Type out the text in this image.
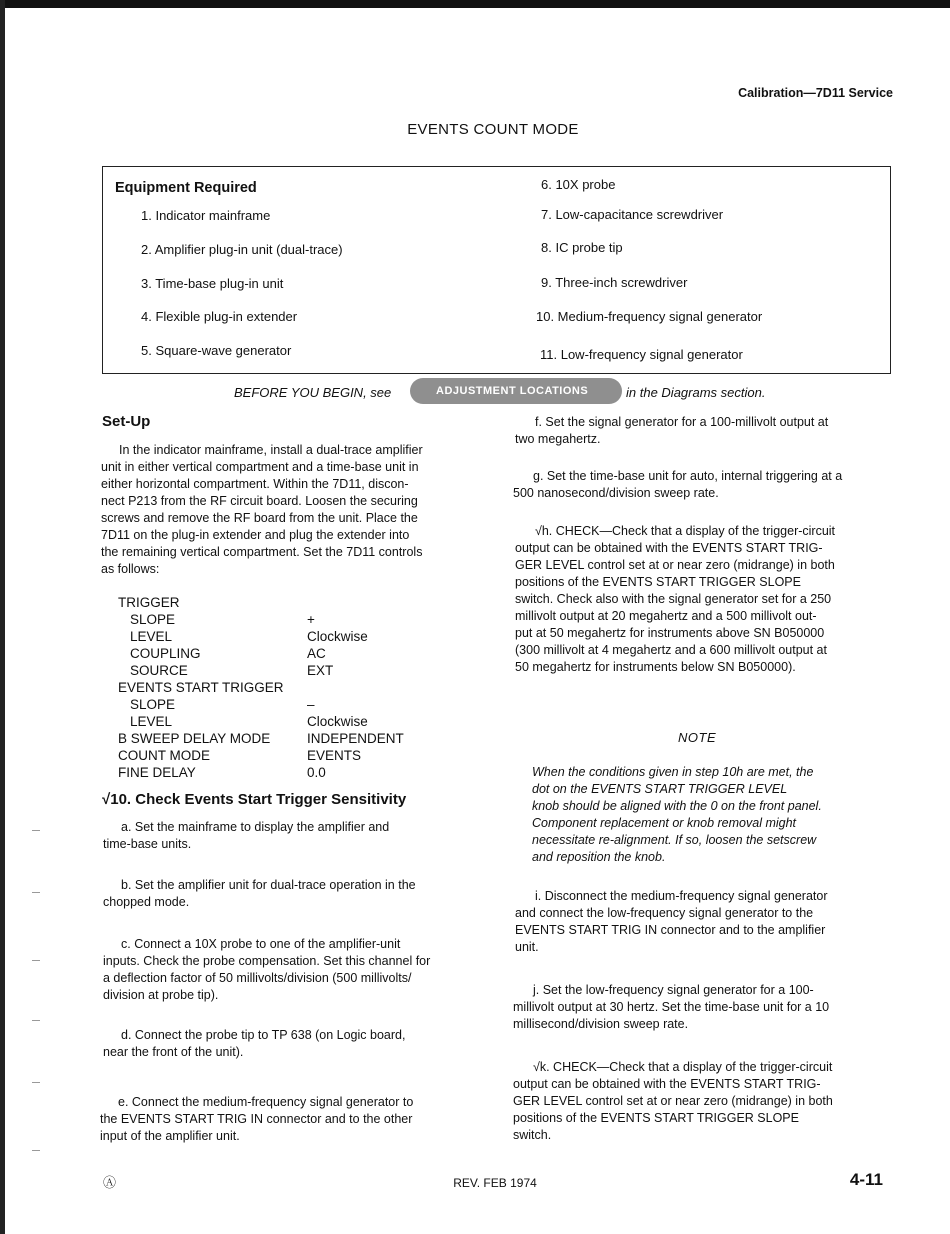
Calibration—7D11 Service
EVENTS COUNT MODE
Equipment Required
1. Indicator mainframe
2. Amplifier plug-in unit (dual-trace)
3. Time-base plug-in unit
4. Flexible plug-in extender
5. Square-wave generator
6. 10X probe
7. Low-capacitance screwdriver
8. IC probe tip
9. Three-inch screwdriver
10. Medium-frequency signal generator
11. Low-frequency signal generator
BEFORE YOU BEGIN, see	ADJUSTMENT LOCATIONS	in the Diagrams section.
Set-Up
In the indicator mainframe, install a dual-trace amplifier
unit in either vertical compartment and a time-base unit in
either horizontal compartment. Within the 7D11, discon-
nect P213 from the RF circuit board. Loosen the securing
screws and remove the RF board from the unit. Place the
7D11 on the plug-in extender and plug the extender into
the remaining vertical compartment. Set the 7D11 controls
as follows:
TRIGGER
SLOPE	+
LEVEL	Clockwise
COUPLING	AC
SOURCE	EXT
EVENTS START TRIGGER
SLOPE	–
LEVEL	Clockwise
B SWEEP DELAY MODE	INDEPENDENT
COUNT MODE	EVENTS
FINE DELAY	0.0
√10. Check Events Start Trigger Sensitivity
a. Set the mainframe to display the amplifier and
time-base units.
b. Set the amplifier unit for dual-trace operation in the
chopped mode.
c. Connect a 10X probe to one of the amplifier-unit
inputs. Check the probe compensation. Set this channel for
a deflection factor of 50 millivolts/division (500 millivolts/
division at probe tip).
d. Connect the probe tip to TP 638 (on Logic board,
near the front of the unit).
e. Connect the medium-frequency signal generator to
the EVENTS START TRIG IN connector and to the other
input of the amplifier unit.
f. Set the signal generator for a 100-millivolt output at
two megahertz.
g. Set the time-base unit for auto, internal triggering at a
500 nanosecond/division sweep rate.
√h. CHECK—Check that a display of the trigger-circuit
output can be obtained with the EVENTS START TRIG-
GER LEVEL control set at or near zero (midrange) in both
positions of the EVENTS START TRIGGER SLOPE
switch. Check also with the signal generator set for a 250
millivolt output at 20 megahertz and a 500 millivolt out-
put at 50 megahertz for instruments above SN B050000
(300 millivolt at 4 megahertz and a 600 millivolt output at
50 megahertz for instruments below SN B050000).
NOTE
When the conditions given in step 10h are met, the
dot on the EVENTS START TRIGGER LEVEL
knob should be aligned with the 0 on the front panel.
Component replacement or knob removal might
necessitate re-alignment. If so, loosen the setscrew
and reposition the knob.
i. Disconnect the medium-frequency signal generator
and connect the low-frequency signal generator to the
EVENTS START TRIG IN connector and to the amplifier
unit.
j. Set the low-frequency signal generator for a 100-
millivolt output at 30 hertz. Set the time-base unit for a 10
millisecond/division sweep rate.
√k. CHECK—Check that a display of the trigger-circuit
output can be obtained with the EVENTS START TRIG-
GER LEVEL control set at or near zero (midrange) in both
positions of the EVENTS START TRIGGER SLOPE
switch.
Ⓐ	REV. FEB 1974	4-11
